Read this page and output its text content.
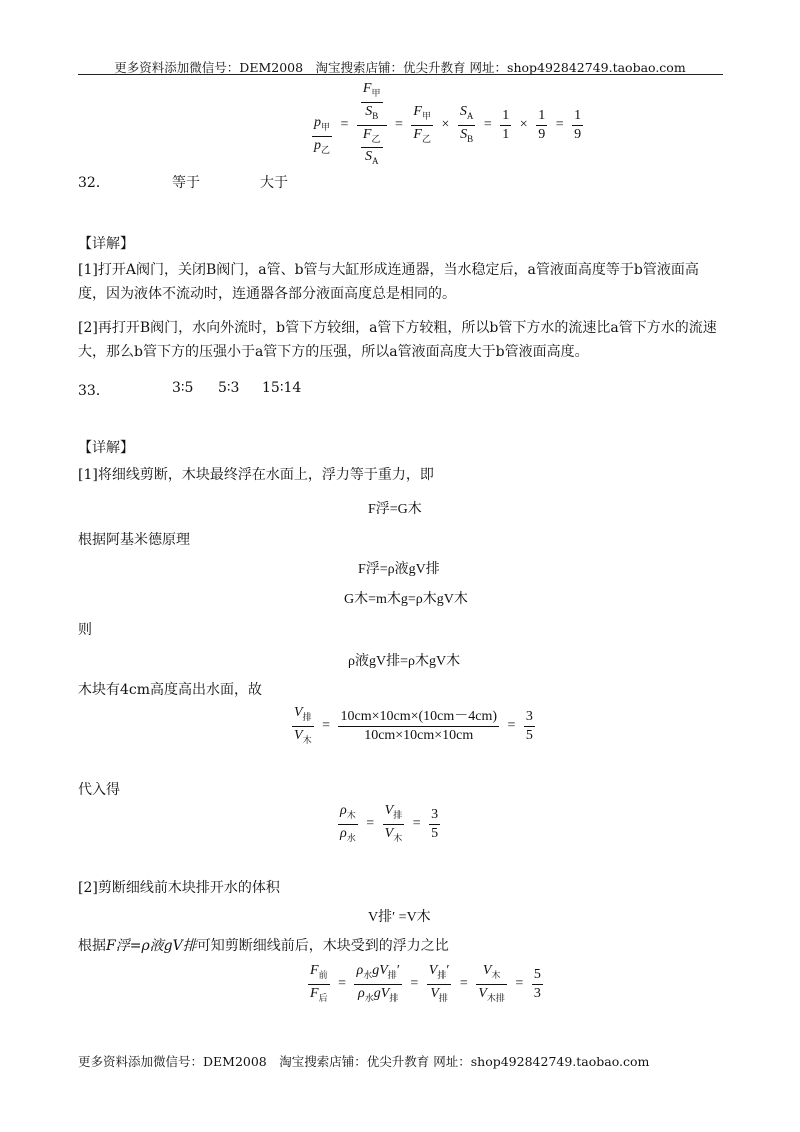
更多资料添加微信号：DEM2008　淘宝搜索店铺：优尖升教育 网址：shop492842749.taobao.com
$\frac{p_甲}{p_乙} = \frac{\frac{F_甲}{S_B}}{\frac{F_乙}{S_A}} = \frac{F_甲}{F_乙} \times \frac{S_A}{S_B} = \frac{1}{1} \times \frac{1}{9} = \frac{1}{9}$
32．	等于	大于
【详解】
[1]打开A阀门，关闭B阀门，a管、b管与大缸形成连通器，当水稳定后，a管液面高度等于b管液面高度，因为液体不流动时，连通器各部分液面高度总是相同的。
[2]再打开B阀门，水向外流时，b管下方较细，a管下方较粗，所以b管下方水的流速比a管下方水的流速大，那么b管下方的压强小于a管下方的压强，所以a管液面高度大于b管液面高度。
33．	3∶5 5∶3 15∶14
【详解】
[1]将细线剪断，木块最终浮在水面上，浮力等于重力，即
F浮=G木
根据阿基米德原理
F浮=ρ液gV排
G木=m木g=ρ木gV木
则
ρ液gV排=ρ木gV木
木块有4cm高度高出水面，故
$\frac{V_排}{V_木} = \frac{10cm\times 10cm\times(10cm-4cm)}{10cm\times 10cm\times 10cm} = \frac{3}{5}$
代入得
$\frac{\rho_木}{\rho_水} = \frac{V_排}{V_木} = \frac{3}{5}$
[2]剪断细线前木块排开水的体积
V排′ =V木
根据F浮=ρ液gV排可知剪断细线前后，木块受到的浮力之比
$\frac{F_前}{F_后} = \frac{\rho_水gV_排'}{\rho_水gV_排} = \frac{V_排'}{V_排} = \frac{V_木}{V_{木排}} = \frac{5}{3}$
更多资料添加微信号：DEM2008　淘宝搜索店铺：优尖升教育 网址：shop492842749.taobao.com
